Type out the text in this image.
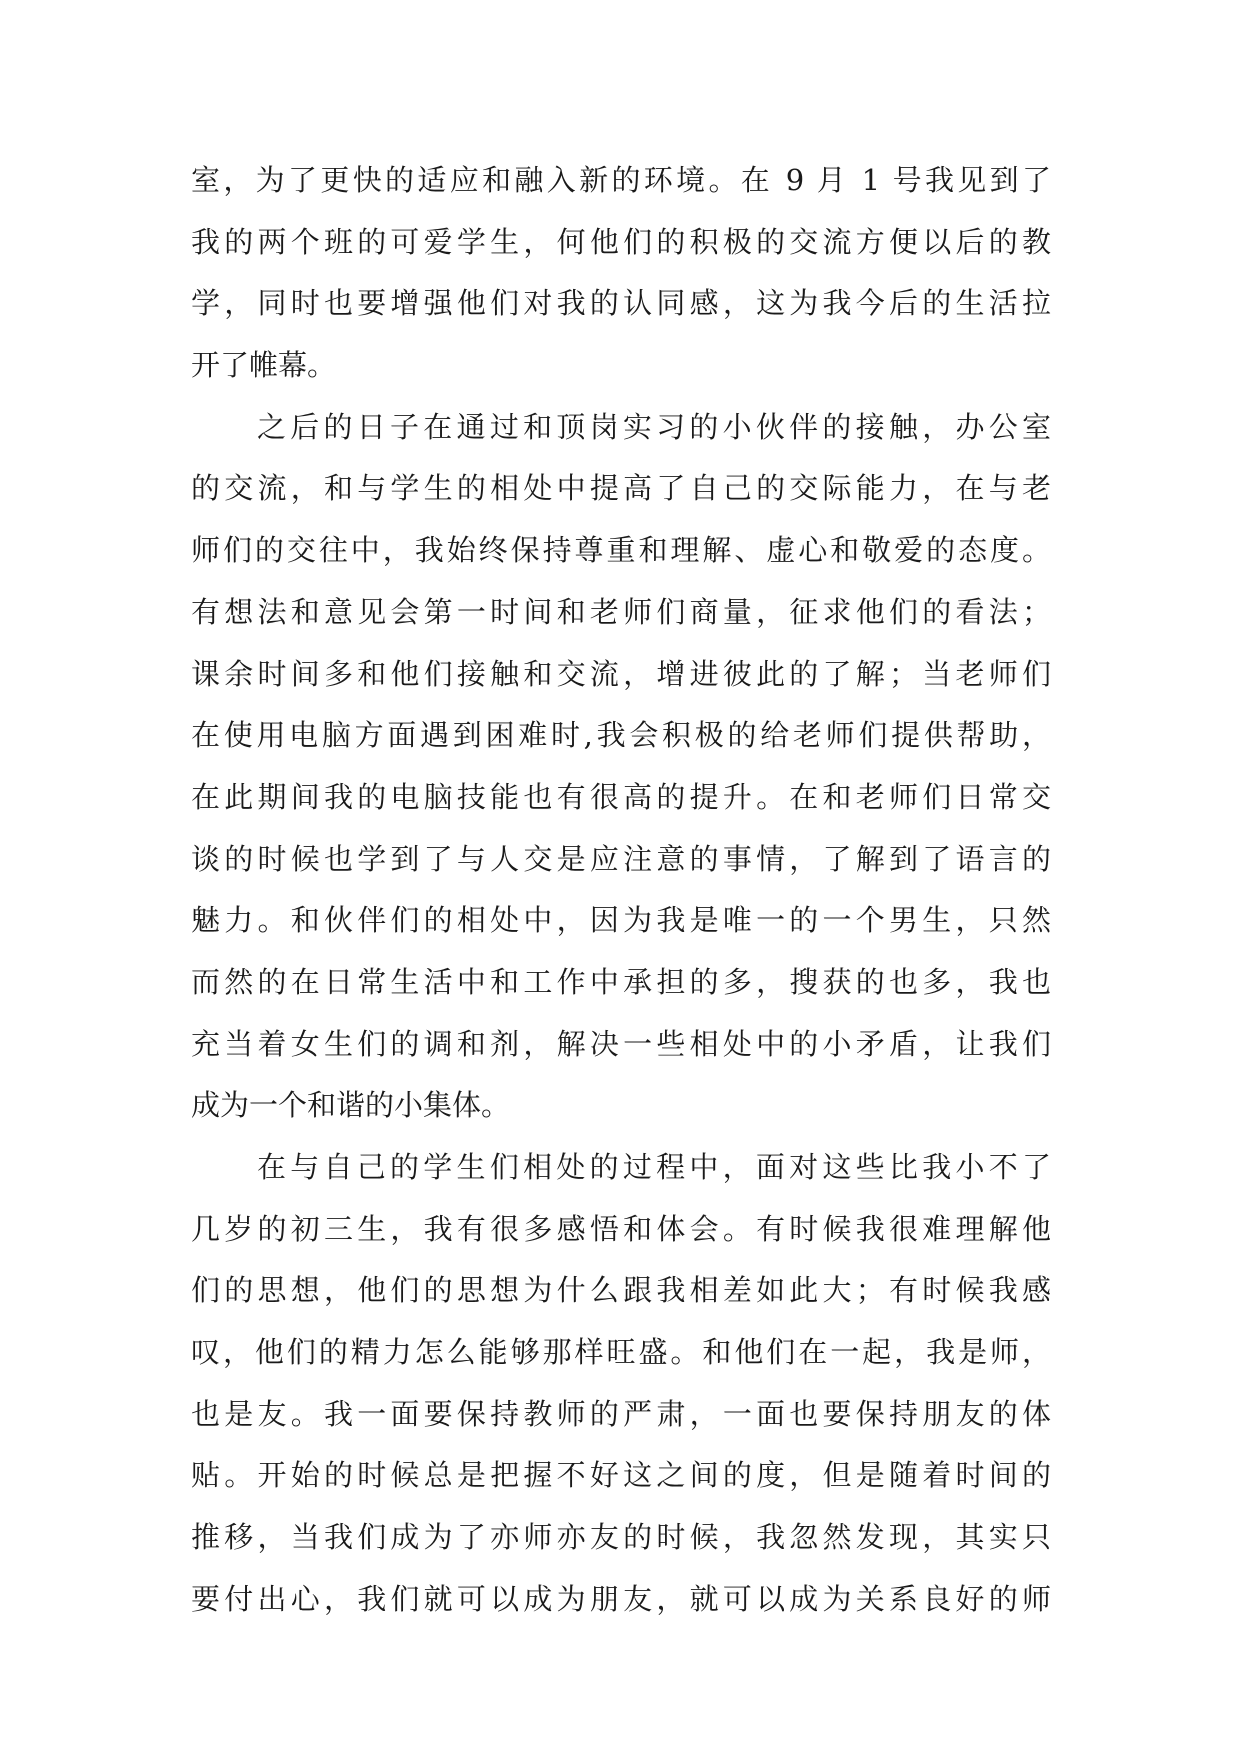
室，为了更快的适应和融入新的环境。在 9 月 1 号我见到了
我的两个班的可爱学生，何他们的积极的交流方便以后的教
学，同时也要增强他们对我的认同感，这为我今后的生活拉
开了帷幕。
之后的日子在通过和顶岗实习的小伙伴的接触，办公室
的交流，和与学生的相处中提高了自己的交际能力，在与老
师们的交往中，我始终保持尊重和理解、虚心和敬爱的态度。
有想法和意见会第一时间和老师们商量，征求他们的看法；
课余时间多和他们接触和交流，增进彼此的了解；当老师们
在使用电脑方面遇到困难时,我会积极的给老师们提供帮助，
在此期间我的电脑技能也有很高的提升。在和老师们日常交
谈的时候也学到了与人交是应注意的事情，了解到了语言的
魅力。和伙伴们的相处中，因为我是唯一的一个男生，只然
而然的在日常生活中和工作中承担的多，搜获的也多，我也
充当着女生们的调和剂，解决一些相处中的小矛盾，让我们
成为一个和谐的小集体。
在与自己的学生们相处的过程中，面对这些比我小不了
几岁的初三生，我有很多感悟和体会。有时候我很难理解他
们的思想，他们的思想为什么跟我相差如此大；有时候我感
叹，他们的精力怎么能够那样旺盛。和他们在一起，我是师，
也是友。我一面要保持教师的严肃，一面也要保持朋友的体
贴。开始的时候总是把握不好这之间的度，但是随着时间的
推移，当我们成为了亦师亦友的时候，我忽然发现，其实只
要付出心，我们就可以成为朋友，就可以成为关系良好的师
